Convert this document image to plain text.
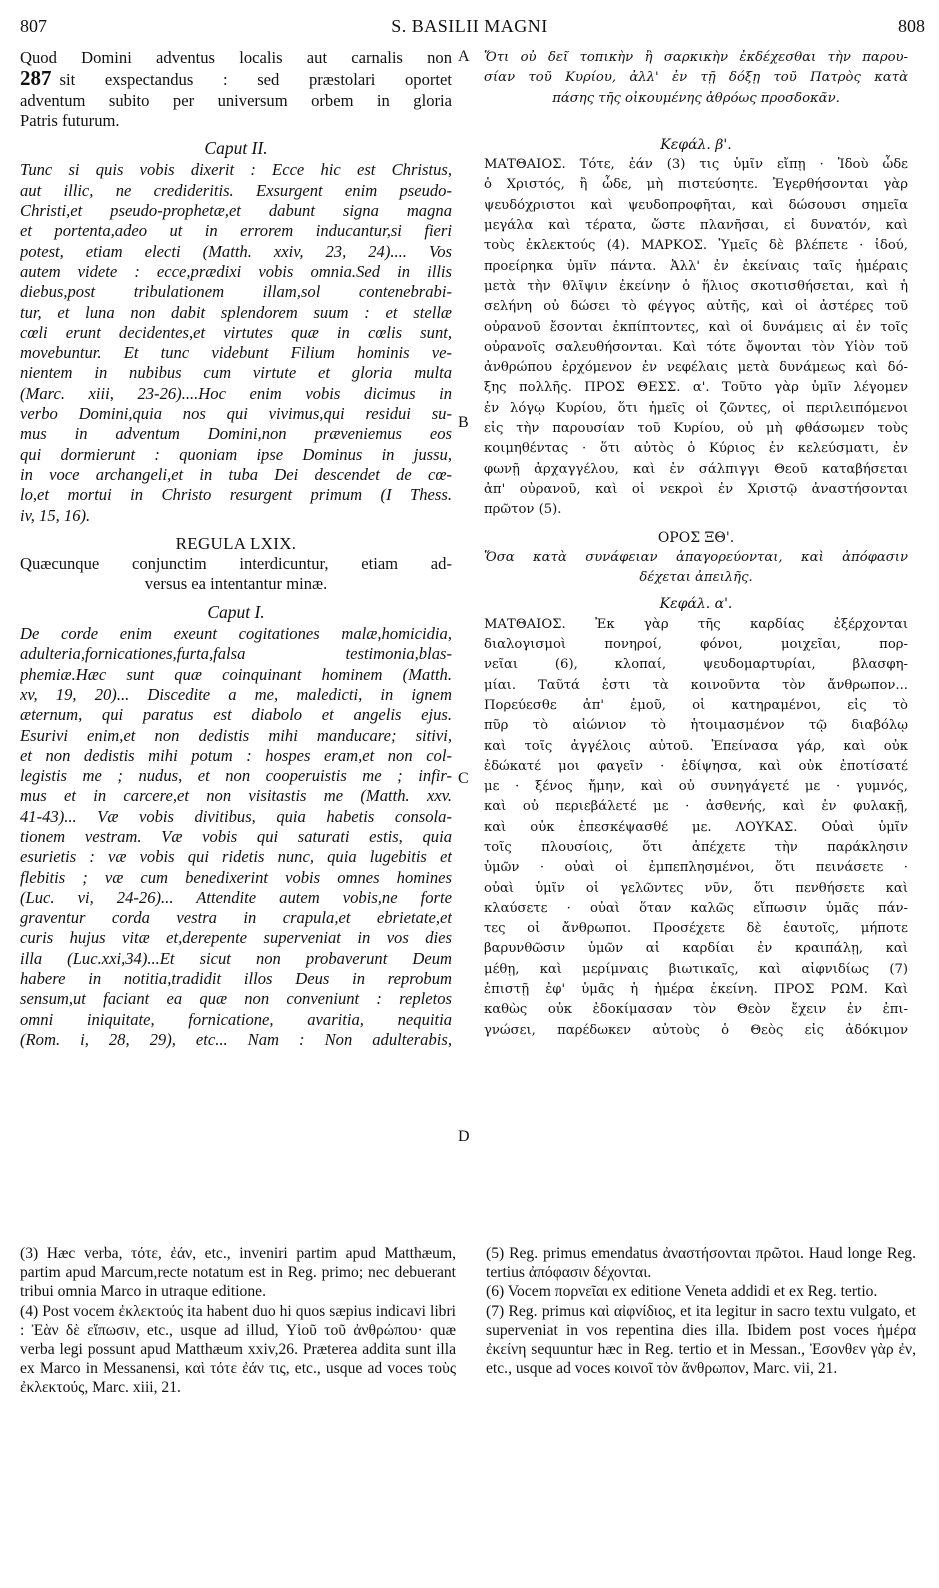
807	S. BASILII MAGNI	808
A
B
C
D
Quod Domini adventus localis aut carnalis non
287 sit exspectandus : sed præstolari oportet
adventum subito per universum orbem in gloria
Patris futurum.
Caput II.
Tunc si quis vobis dixerit : Ecce hic est Christus,
aut illic, ne credideritis. Exsurgent enim pseudo-
Christi,et pseudo-prophetæ,et dabunt signa magna
et portenta,adeo ut in errorem inducantur,si fieri
potest, etiam electi (Matth. xxiv, 23, 24).... Vos
autem videte : ecce,prædixi vobis omnia.Sed in illis
diebus,post tribulationem illam,sol contenebrabi-
tur, et luna non dabit splendorem suum : et stellæ
cœli erunt decidentes,et virtutes quæ in cœlis sunt,
movebuntur. Et tunc videbunt Filium hominis ve-
nientem in nubibus cum virtute et gloria multa
(Marc. xiii, 23-26)....Hoc enim vobis dicimus in
verbo Domini,quia nos qui vivimus,qui residui su-
mus in adventum Domini,non præveniemus eos
qui dormierunt : quoniam ipse Dominus in jussu,
in voce archangeli,et in tuba Dei descendet de cœ-
lo,et mortui in Christo resurgent primum (I Thess.
iv, 15, 16).
REGULA LXIX.
Quæcunque conjunctim interdicuntur, etiam ad-
versus ea intentantur minæ.
Caput I.
De corde enim exeunt cogitationes malæ,homicidia,
adulteria,fornicationes,furta,falsa testimonia,blas-
phemiæ.Hæc sunt quæ coinquinant hominem (Matth.
xv, 19, 20)... Discedite a me, maledicti, in ignem
æternum, qui paratus est diabolo et angelis ejus.
Esurivi enim,et non dedistis mihi manducare; sitivi,
et non dedistis mihi potum : hospes eram,et non col-
legistis me ; nudus, et non cooperuistis me ; infir-
mus et in carcere,et non visitastis me (Matth. xxv.
41-43)... Væ vobis divitibus, quia habetis consola-
tionem vestram. Væ vobis qui saturati estis, quia
esurietis : væ vobis qui ridetis nunc, quia lugebitis et
flebitis ; væ cum benedixerint vobis omnes homines
(Luc. vi, 24-26)... Attendite autem vobis,ne forte
graventur corda vestra in crapula,et ebrietate,et
curis hujus vitæ et,derepente superveniat in vos dies
illa (Luc.xxi,34)...Et sicut non probaverunt Deum
habere in notitia,tradidit illos Deus in reprobum
sensum,ut faciant ea quæ non conveniunt : repletos
omni iniquitate, fornicatione, avaritia, nequitia
(Rom. i, 28, 29), etc... Nam : Non adulterabis,
Ὅτι οὐ δεῖ τοπικὴν ἢ σαρκικὴν ἐκδέχεσθαι τὴν παρου-
σίαν τοῦ Κυρίου, ἀλλ' ἐν τῇ δόξῃ τοῦ Πατρὸς κατὰ
πάσης τῆς οἰκουμένης ἀθρόως προσδοκᾶν.
Κεφάλ. β'.
ΜΑΤΘΑΙΟΣ. Τότε, ἐάν (3) τις ὑμῖν εἴπῃ · Ἰδοὺ ὧδε
ὁ Χριστός, ἢ ὧδε, μὴ πιστεύσητε. Ἐγερθήσονται γὰρ
ψευδόχριστοι καὶ ψευδοπροφῆται, καὶ δώσουσι σημεῖα
μεγάλα καὶ τέρατα, ὥστε πλανῆσαι, εἰ δυνατόν, καὶ
τοὺς ἐκλεκτούς (4). ΜΑΡΚΟΣ. Ὑμεῖς δὲ βλέπετε · ἰδού,
προείρηκα ὑμῖν πάντα. Ἀλλ' ἐν ἐκείναις ταῖς ἡμέραις
μετὰ τὴν θλῖψιν ἐκείνην ὁ ἥλιος σκοτισθήσεται, καὶ ἡ
σελήνη οὐ δώσει τὸ φέγγος αὐτῆς, καὶ οἱ ἀστέρες τοῦ
οὐρανοῦ ἔσονται ἐκπίπτοντες, καὶ οἱ δυνάμεις αἱ ἐν τοῖς
οὐρανοῖς σαλευθήσονται. Καὶ τότε ὄψονται τὸν Υἱὸν τοῦ
ἀνθρώπου ἐρχόμενον ἐν νεφέλαις μετὰ δυνάμεως καὶ δό-
ξης πολλῆς. ΠΡΟΣ ΘΕΣΣ. α'. Τοῦτο γὰρ ὑμῖν λέγομεν
ἐν λόγῳ Κυρίου, ὅτι ἡμεῖς οἱ ζῶντες, οἱ περιλειπόμενοι
εἰς τὴν παρουσίαν τοῦ Κυρίου, οὐ μὴ φθάσωμεν τοὺς
κοιμηθέντας · ὅτι αὐτὸς ὁ Κύριος ἐν κελεύσματι, ἐν
φωνῇ ἀρχαγγέλου, καὶ ἐν σάλπιγγι Θεοῦ καταβήσεται
ἀπ' οὐρανοῦ, καὶ οἱ νεκροὶ ἐν Χριστῷ ἀναστήσονται
πρῶτον (5).
ΟΡΟΣ ΞΘ'.
Ὅσα κατὰ συνάφειαν ἀπαγορεύονται, καὶ ἀπόφασιν
δέχεται ἀπειλῆς.
Κεφάλ. α'.
ΜΑΤΘΑΙΟΣ. Ἐκ γὰρ τῆς καρδίας ἐξέρχονται
διαλογισμοὶ πονηροί, φόνοι, μοιχεῖαι, πορ-
νεῖαι (6), κλοπαί, ψευδομαρτυρίαι, βλασφη-
μίαι. Ταῦτά ἐστι τὰ κοινοῦντα τὸν ἄνθρωπον...
Πορεύεσθε ἀπ' ἐμοῦ, οἱ κατηραμένοι, εἰς τὸ
πῦρ τὸ αἰώνιον τὸ ἡτοιμασμένον τῷ διαβόλῳ
καὶ τοῖς ἀγγέλοις αὐτοῦ. Ἐπείνασα γάρ, καὶ οὐκ
ἐδώκατέ μοι φαγεῖν · ἐδίψησα, καὶ οὐκ ἐποτίσατέ
με · ξένος ἤμην, καὶ οὐ συνηγάγετέ με · γυμνός,
καὶ οὐ περιεβάλετέ με · ἀσθενής, καὶ ἐν φυλακῇ,
καὶ οὐκ ἐπεσκέψασθέ με. ΛΟΥΚΑΣ. Οὐαὶ ὑμῖν
τοῖς πλουσίοις, ὅτι ἀπέχετε τὴν παράκλησιν
ὑμῶν · οὐαὶ οἱ ἐμπεπλησμένοι, ὅτι πεινάσετε ·
οὐαὶ ὑμῖν οἱ γελῶντες νῦν, ὅτι πενθήσετε καὶ
κλαύσετε · οὐαὶ ὅταν καλῶς εἴπωσιν ὑμᾶς πάν-
τες οἱ ἄνθρωποι. Προσέχετε δὲ ἑαυτοῖς, μήποτε
βαρυνθῶσιν ὑμῶν αἱ καρδίαι ἐν κραιπάλῃ, καὶ
μέθῃ, καὶ μερίμναις βιωτικαῖς, καὶ αἰφνιδίως (7)
ἐπιστῇ ἐφ' ὑμᾶς ἡ ἡμέρα ἐκείνη. ΠΡΟΣ ΡΩΜ. Καὶ
καθὼς οὐκ ἐδοκίμασαν τὸν Θεὸν ἔχειν ἐν ἐπι-
γνώσει, παρέδωκεν αὐτοὺς ὁ Θεὸς εἰς ἀδόκιμον

(3) Hæc verba, τότε, ἐάν, etc., inveniri partim apud Matthæum, partim apud Marcum,recte notatum est in Reg. primo; nec debuerant tribui omnia Marco in utraque editione.

(4) Post vocem ἐκλεκτούς ita habent duo hi quos sæpius indicavi libri : Ἐὰν δὲ εἴπωσιν, etc., usque ad illud, Υἱοῦ τοῦ ἀνθρώπου· quæ verba legi possunt apud Matthæum xxiv,26. Præterea addita sunt illa ex Marco in Messanensi, καὶ τότε ἐάν τις, etc., usque ad voces τοὺς ἐκλεκτούς, Marc. xiii, 21.

(5) Reg. primus emendatus ἀναστήσονται πρῶτοι. Haud longe Reg. tertius ἀπόφασιν δέχονται.

(6) Vocem πορνεῖαι ex editione Veneta addidi et ex Reg. tertio.

(7) Reg. primus καὶ αἰφνίδιος, et ita legitur in sacro textu vulgato, et superveniat in vos repentina dies illa. Ibidem post voces ἡμέρα ἐκείνη sequuntur hæc in Reg. tertio et in Messan., Ἐσονθεν γὰρ ἐν, etc., usque ad voces κοινοῖ τὸν ἄνθρωπον, Marc. vii, 21.
